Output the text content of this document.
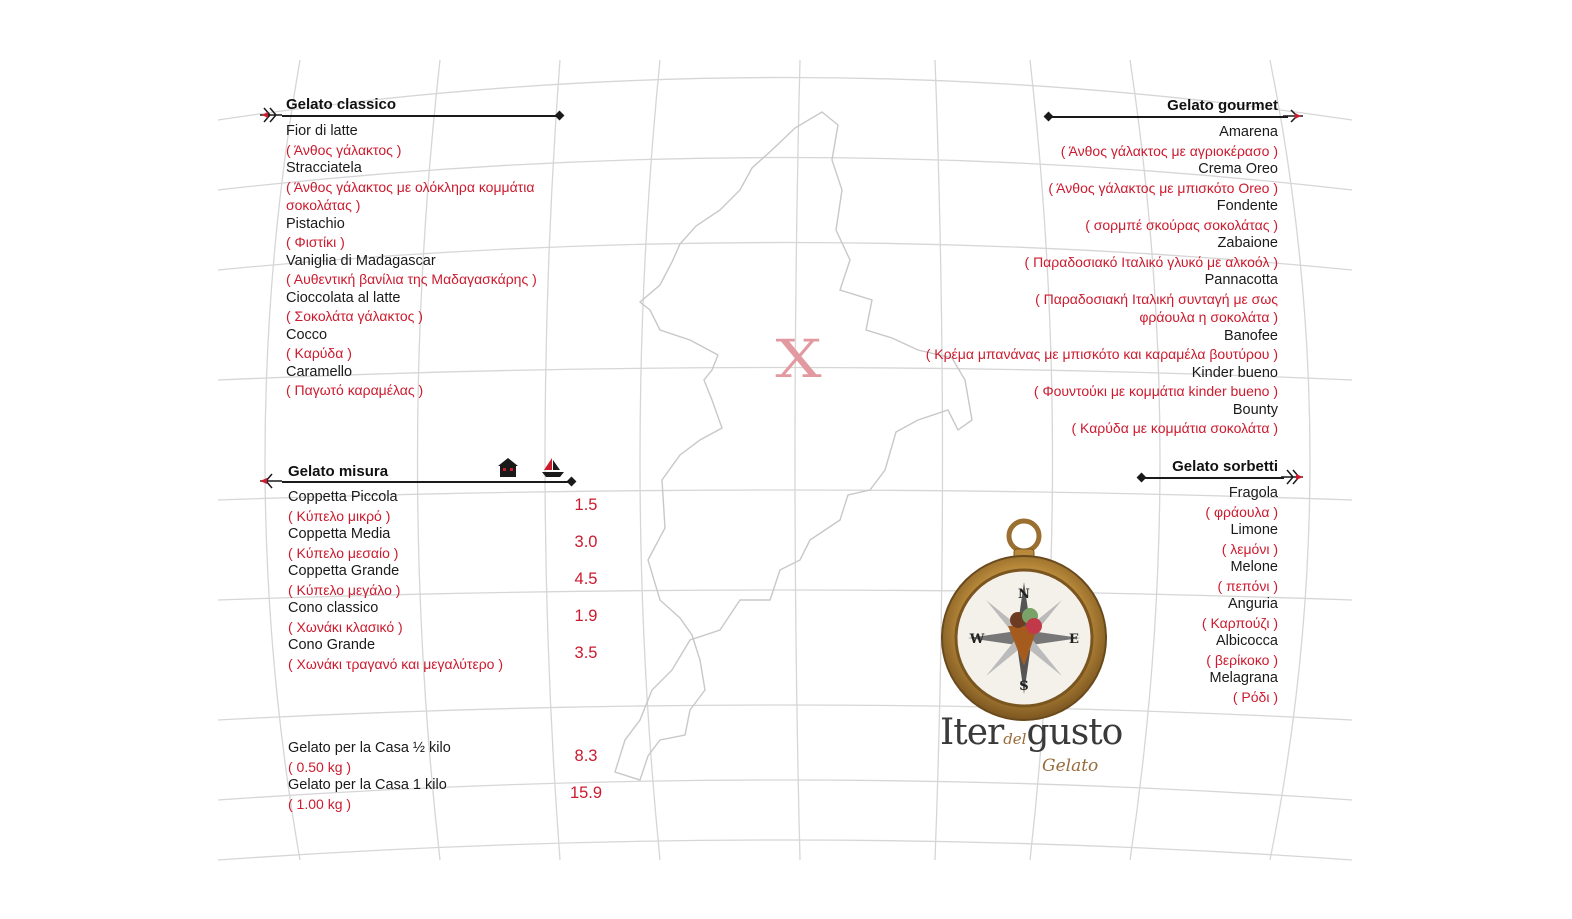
X
Gelato classico
Fior di latte
( Άνθος γάλακτος )
Stracciatela
( Άνθος γάλακτος με ολόκληρα κομμάτια σοκολάτας )
Pistachio
( Φιστίκι )
Vaniglia di Madagascar
( Αυθεντική βανίλια της Μαδαγασκάρης )
Cioccolata al latte
( Σοκολάτα γάλακτος )
Cocco
( Καρύδα )
Caramello
( Παγωτό καραμέλας )
Gelato gourmet
Amarena
( Άνθος γάλακτος με αγριοκέρασο )
Crema Oreo
( Άνθος γάλακτος με μπισκότο Oreo )
Fondente
( σορμπέ σκούρας σοκολάτας )
Zabaione
( Παραδοσιακό Ιταλικό γλυκό με αλκοόλ )
Pannacotta
( Παραδοσιακή Ιταλική συνταγή με σως
φράουλα η σοκολάτα )
Banofee
( Κρέμα μπανάνας με μπισκότο και καραμέλα βουτύρου )
Kinder bueno
( Φουντούκι με κομμάτια kinder bueno )
Bounty
( Καρύδα με κομμάτια σοκολάτα )
Gelato misura
Coppetta Piccola
( Κύπελο μικρό )
1.5
Coppetta Media
( Κύπελο μεσαίο )
3.0
Coppetta Grande
( Κύπελο μεγάλο )
4.5
Cono classico
( Χωνάκι κλασικό )
1.9
Cono Grande
( Χωνάκι τραγανό και μεγαλύτερο )
3.5
Gelato per la Casa ½ kilo
( 0.50 kg )
8.3
Gelato per la Casa 1 kilo
( 1.00 kg )
15.9
Gelato sorbetti
Fragola
( φράουλα )
Limone
( λεμόνι )
Melone
( πεπόνι )
Anguria
( Καρπούζι )
Albicocca
( βερίκοκο )
Melagrana
( Ρόδι )
N
S
E
W
Iterdelgusto
Gelato
